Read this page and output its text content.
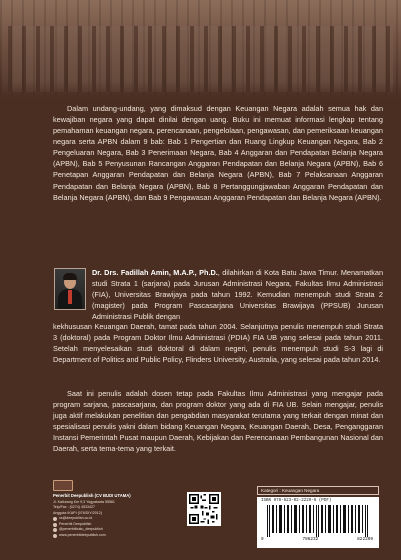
Dalam undang-undang, yang dimaksud dengan Keuangan Negara adalah semua hak dan kewajiban negara yang dapat dinilai dengan uang. Buku ini memuat informasi lengkap tentang pemahaman keuangan negara, perencanaan, pengelolaan, pengawasan, dan pemeriksaan keuangan negara serta APBN dalam 9 bab: Bab 1 Pengertian dan Ruang Lingkup Keuangan Negara, Bab 2 Pengeluaran Negara, Bab 3 Penerimaan Negara, Bab 4 Anggaran dan Pendapatan Belanja Negara (APBN), Bab 5 Penyusunan Rancangan Anggaran Pendapatan dan Belanja Negara (APBN), Bab 6 Penetapan Anggaran Pendapatan dan Belanja Negara (APBN), Bab 7 Pelaksanaan Anggaran Pendapatan dan Belanja Negara (APBN), Bab 8 Pertanggungjawaban Anggaran Pendapatan dan Belanja Negara (APBN), dan Bab 9 Pengawasan Anggaran Pendapatan dan Belanja Negara (APBN).

Dr. Drs. Fadillah Amin, M.A.P., Ph.D., dilahirkan di Kota Batu Jawa Timur. Menamatkan studi Strata 1 (sarjana) pada Jurusan Administrasi Negara, Fakultas Ilmu Administrasi (FIA), Universitas Brawijaya pada tahun 1992. Kemudian menempuh studi Strata 2 (magister) pada Program Pascasarjana Universitas Brawijaya (PPSUB) Jurusan Administrasi Publik dengan

kekhususan Keuangan Daerah, tamat pada tahun 2004. Selanjutnya penulis menempuh studi Strata 3 (doktoral) pada Program Doktor Ilmu Administrasi (PDIA) FIA UB yang selesai pada tahun 2011. Setelah menyelesaikan studi doktoral di dalam negeri, penulis menempuh studi S-3 lagi di Department of Politics and Public Policy, Flinders University, Australia, yang selesai pada tahun 2014.

Saat ini penulis adalah dosen tetap pada Fakultas Ilmu Administrasi yang mengajar pada program sarjana, pascasarjana, dan program doktor yang ada di FIA UB. Selain mengajar, penulis juga aktif melakukan penelitian dan pengabdian masyarakat terutama yang terkait dengan minat dan spesialisasi penulis yakni dalam bidang Keuangan Negara, Keuangan Daerah, Desa, Penganggaran Instansi Pemerintah Pusat maupun Daerah, Kebijakan dan Perencanaan Pembangunan Nasional dan Daerah, serta tema-tema yang terkait.

Penerbit Deepublish (CV BUDI UTAMA)
Jl. Kaliurang Km 9,3 Yogyakarta 55581
Telp/Fax : (0274) 4533427
Anggota IKAPI (076/DIY/2012)
cs@deepublish.co.id
Penerbit Deepublish
@penerbitbuku_deepublish
www.penerbitdeepublish.com
Kategori : Keuangan Negara
ISBN 978-623-02-2229-6 (PDF)
9	786232	822209
